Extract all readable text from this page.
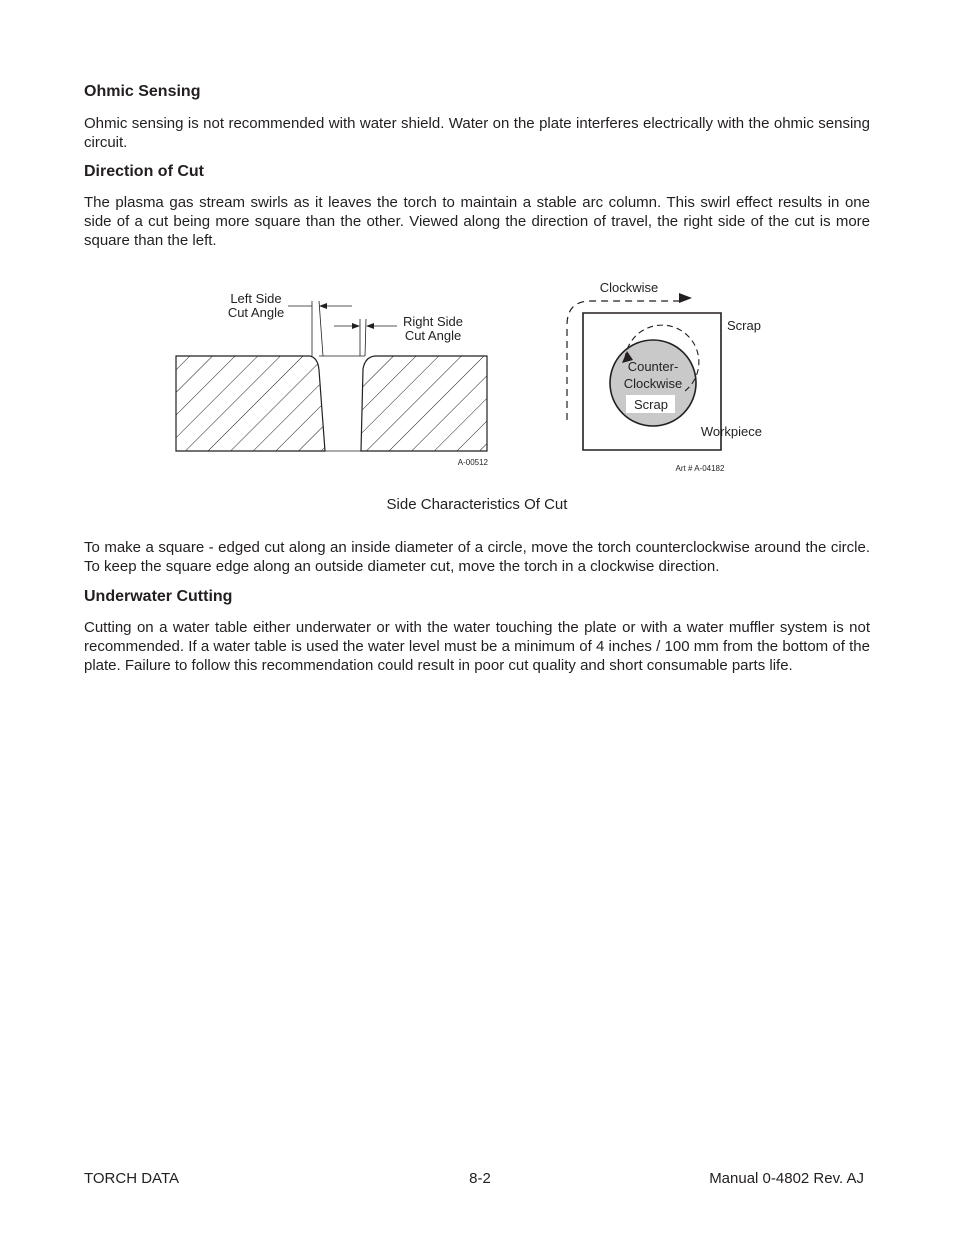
Ohmic Sensing

Ohmic sensing is not recommended with water shield. Water on the plate interferes electrically with the ohmic sensing circuit.

Direction of Cut

The plasma gas stream swirls as it leaves the torch to maintain a stable arc column. This swirl effect results in one side of a cut being more square than the other. Viewed along the direction of travel, the right side of the cut is more square than the left.

Left Side
Cut Angle
Right Side
Cut Angle
A-00512
Clockwise
Scrap
Workpiece
Counter-
Clockwise
Scrap
Art # A-04182
Side Characteristics Of Cut

To make a square - edged cut along an inside diameter of a circle, move the torch counterclockwise around the circle. To keep the square edge along an outside diameter cut, move the torch in a clockwise direction.

Underwater Cutting

Cutting on a water table either underwater or with the water touching the plate or with a water muffler system is not recommended. If a water table is used the water level must be a minimum of 4 inches / 100 mm from the bottom of the plate. Failure to follow this recommendation could result in poor cut quality and short consumable parts life.

TORCH DATA	8-2	Manual 0-4802 Rev. AJ
